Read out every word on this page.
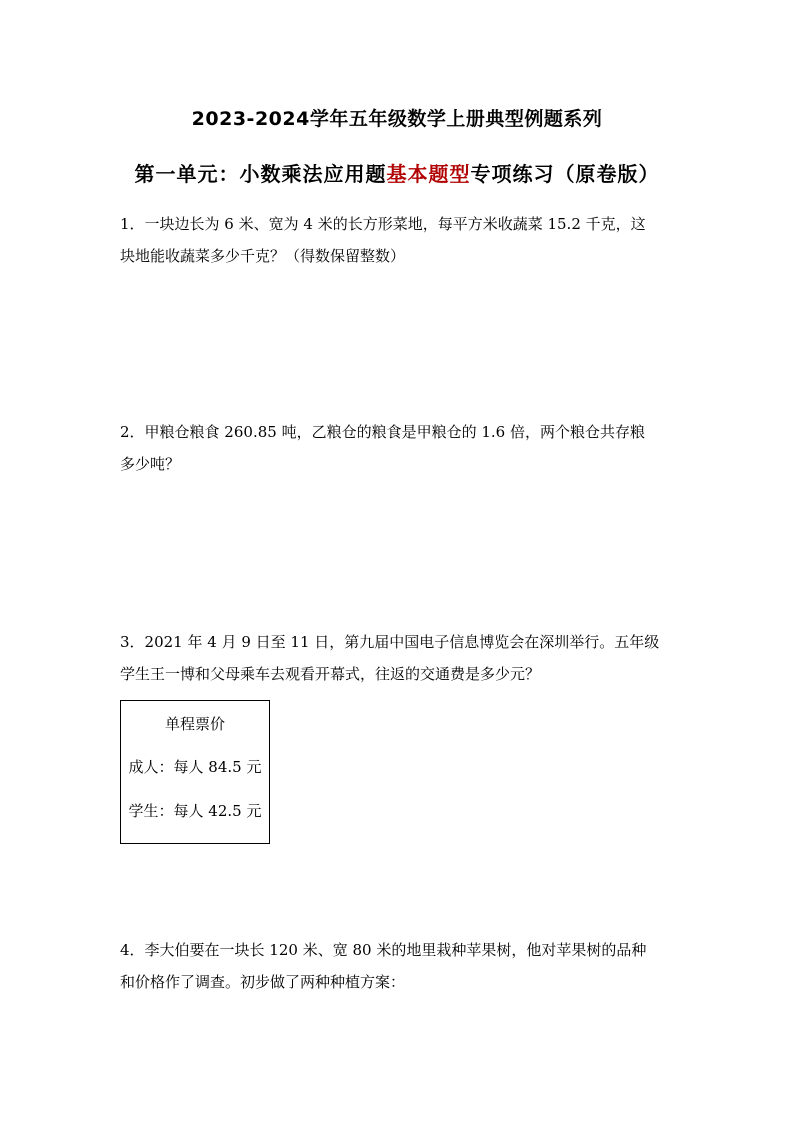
2023-2024学年五年级数学上册典型例题系列
第一单元：小数乘法应用题基本题型专项练习（原卷版）
1．一块边长为 6 米、宽为 4 米的长方形菜地，每平方米收蔬菜 15.2 千克，这
块地能收蔬菜多少千克？（得数保留整数）
2．甲粮仓粮食 260.85 吨，乙粮仓的粮食是甲粮仓的 1.6 倍，两个粮仓共存粮
多少吨？
3．2021 年 4 月 9 日至 11 日，第九届中国电子信息博览会在深圳举行。五年级
学生王一博和父母乘车去观看开幕式，往返的交通费是多少元？
单程票价
成人：每人 84.5 元
学生：每人 42.5 元
4．李大伯要在一块长 120 米、宽 80 米的地里栽种苹果树，他对苹果树的品种
和价格作了调查。初步做了两种种植方案：
